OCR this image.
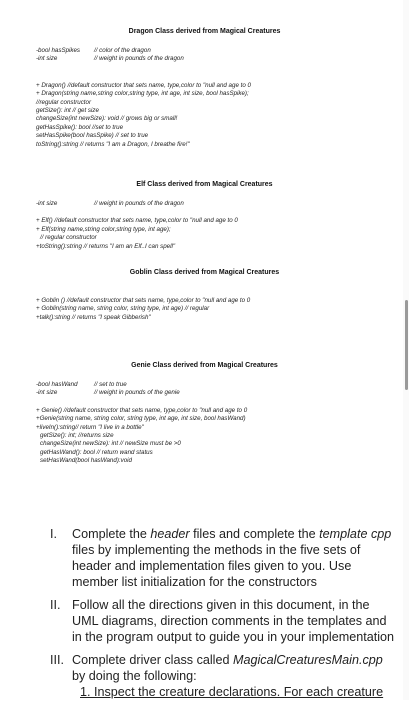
Dragon Class derived from Magical Creatures
-bool hasSpikes	// color of the dragon
-int size	// weight in pounds of the dragon
+ Dragon() //default constructor that sets name, type,color to "null and age to 0
+ Dragon(string name,string color,string type, int age, int size, bool hasSpike);
//regular constructor
getSize(): int // get size
changeSize(int newSize): void // grows big or small!
getHasSpike(): bool //set to true
setHasSpike(bool hasSpike) // set to true
toString():string // returns "I am a Dragon, I breathe fire!"
Elf Class derived from Magical Creatures
-int size	// weight in pounds of the dragon
+ Elf() //default constructor that sets name, type,color to "null and age to 0
+ Elf(string name,string color,string type, int age);
// regular constructor
+toString():string // returns "I am an Elf..I can spell"
Goblin Class derived from Magical Creatures
+ Goblin () //default constructor that sets name, type,color to "null and age to 0
+ Goblin(string name, string color, string type, int age) // regular
+talk():string // returns "I speak Gibberish"
Genie Class derived from Magical Creatures
-bool hasWand	// set to true
-int size	// weight in pounds of the genie
+ Genie() //default constructor that sets name, type,color to "null and age to 0
+Genie(string name, string color, string type, int age, int size, bool hasWand)
+liveIn():string// return "I live in a bottle"
getSize(): int; //returns size
changeSize(int newSize): int // newSize must be >0
getHasWand(): bool // return wand status
setHasWand(bool hasWand):void
I.	Complete the header files and complete the template cpp files by implementing the methods in the five sets of header and implementation files given to you. Use member list initialization for the constructors
II. Follow all the directions given in this document, in the UML diagrams, direction comments in the templates and in the program output to guide you in your implementation
III. Complete driver class called MagicalCreaturesMain.cpp by doing the following:
1. Inspect the creature declarations. For each creature
